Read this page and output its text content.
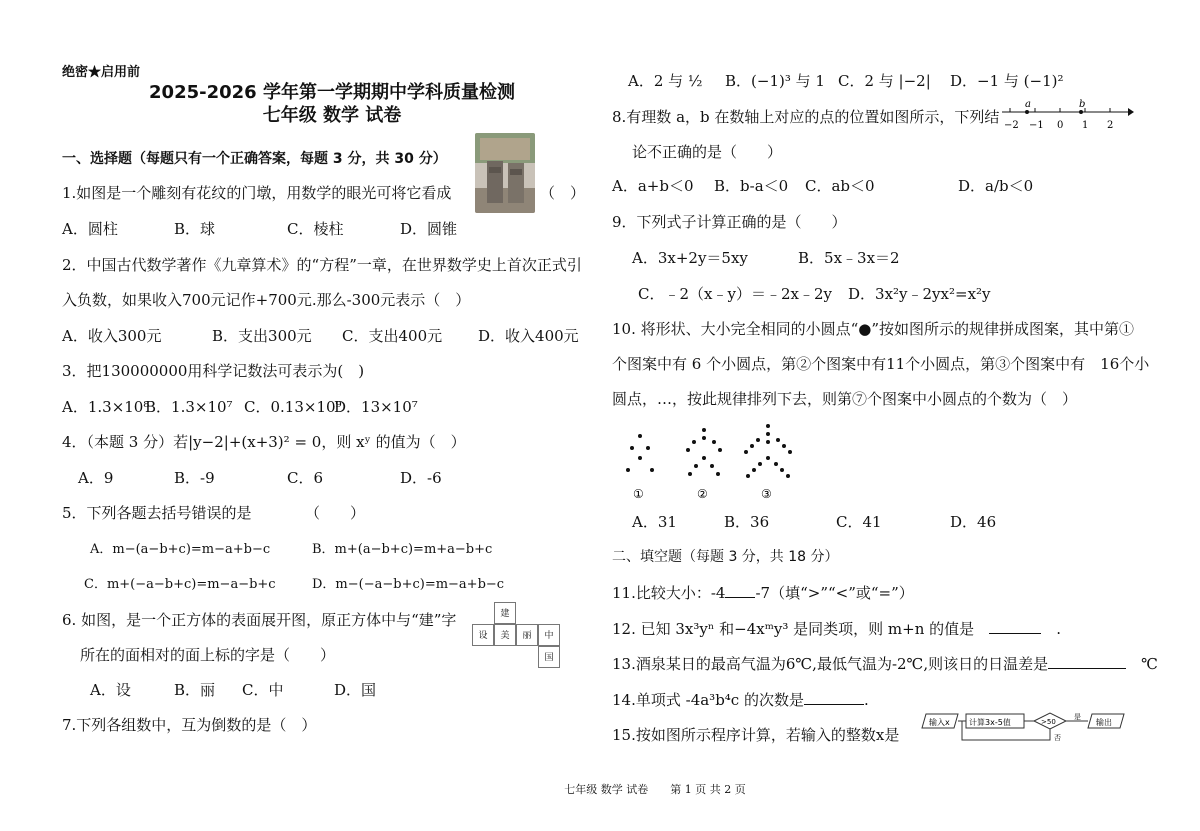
绝密★启用前
2025-2026 学年第一学期期中学科质量检测
七年级 数学 试卷
一、选择题（每题只有一个正确答案，每题 3 分，共 30 分）
1.如图是一个雕刻有花纹的门墩，用数学的眼光可将它看成	（　）
A．圆柱	B．球	C．棱柱	D．圆锥
2．中国古代数学著作《九章算术》的“方程”一章，在世界数学史上首次正式引
入负数，如果收入700元记作+700元.那么-300元表示（　）
A．收入300元	B．支出300元 C．支出400元 D．收入400元
3．把130000000用科学记数法可表示为(　)
A．1.3×10⁸
B．1.3×10⁷ C．0.13×10⁹
D．13×10⁷
4．（本题 3 分）若|y−2|+(x+3)² = 0，则 xʸ 的值为（　）
A．9	B．-9	C．6	D．-6
5．下列各题去括号错误的是	（　　）
A．m−(a−b+c)=m−a+b−c	B．m+(a−b+c)=m+a−b+c
C．m+(−a−b+c)=m−a−b+c	D．m−(−a−b+c)=m−a+b−c
6. 如图，是一个正方体的表面展开图，原正方体中与“建”字
所在的面相对的面上标的字是（　　）
A．设	B．丽 C．中	D．国
建
设	美	丽	中
国
7.下列各组数中，互为倒数的是（　）
A．2 与 ½ B．(−1)³ 与 1 C．2 与 |−2| D．−1 与 (−1)²
8.有理数 a，b 在数轴上对应的点的位置如图所示，下列结
a	b
−2 −1 0 1 2
论不正确的是（　　）
A．a+b＜0 B．b-a＜0 C．ab＜0	D．a/b＜0
9．下列式子计算正确的是（　　）
A．3x+2y＝5xy	B．5x﹣3x＝2
C．﹣2（x﹣y）＝﹣2x﹣2y D．3x²y﹣2yx²=x²y
10. 将形状、大小完全相同的小圆点“●”按如图所示的规律拼成图案，其中第①
个图案中有 6 个小圆点，第②个图案中有11个小圆点，第③个图案中有　16个小
圆点，…，按此规律排列下去，则第⑦个图案中小圆点的个数为（　）
①	②	③
A．31	B．36	C．41	D．46
二、填空题（每题 3 分，共 18 分）
11.比较大小：-4 -7（填“>”“<”或“=”）
12. 已知 3x³yⁿ 和−4xᵐy³ 是同类项，则 m+n 的值是　　	.
13.酒泉某日的最高气温为6℃,最低气温为-2℃,则该日的日温差是　	℃
14.单项式 -4a³b⁴c 的次数是	.
15.按如图所示程序计算，若输入的整数x是
输入x 计算3x-5值	>50
是
输出
否
七年级 数学 试卷　　第 1 页 共 2 页
